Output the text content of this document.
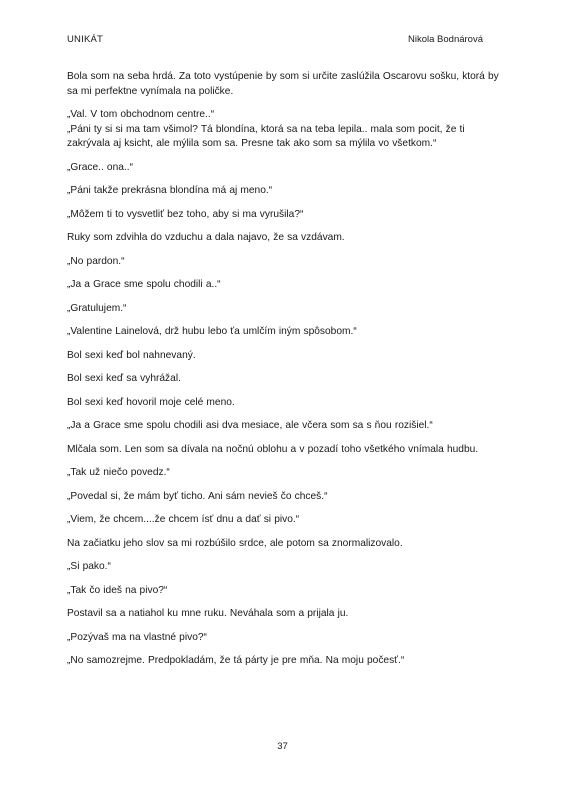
UNIKÁT	Nikola Bodnárová

Bola som na seba hrdá. Za toto vystúpenie by som si určite zaslúžila Oscarovu sošku, ktorá by sa mi perfektne vynímala na poličke.

„Val. V tom obchodnom centre..“

„Páni ty si si ma tam všimol? Tá blondína, ktorá sa na teba lepila.. mala som pocit, že ti zakrývala aj ksicht, ale mýlila som sa. Presne tak ako som sa mýlila vo všetkom.“

„Grace.. ona..“

„Páni takže prekrásna blondína má aj meno.“

„Môžem ti to vysvetliť bez toho, aby si ma vyrušila?“

Ruky som zdvihla do vzduchu a dala najavo, že sa vzdávam.

„No pardon.“

„Ja a Grace sme spolu chodili a..“

„Gratulujem.“

„Valentine Lainelová, drž hubu lebo ťa umlčím iným spôsobom.“

Bol sexi keď bol nahnevaný.

Bol sexi keď sa vyhrážal.

Bol sexi keď hovoril moje celé meno.

„Ja a Grace sme spolu chodili asi dva mesiace, ale včera som sa s ňou rozišiel.“

Mlčala som. Len som sa dívala na nočnú oblohu a v pozadí toho všetkého vnímala hudbu.

„Tak už niečo povedz.“

„Povedal si, že mám byť ticho. Ani sám nevieš čo chceš.“

„Viem, že chcem....že chcem ísť dnu a dať si pivo.“

Na začiatku jeho slov sa mi rozbúšilo srdce, ale potom sa znormalizovalo.

„Si pako.“

„Tak čo ideš na pivo?“

Postavil sa a natiahol ku mne ruku. Neváhala som a prijala ju.

„Pozývaš ma na vlastné pivo?“

„No samozrejme. Predpokladám, že tá párty je pre mňa. Na moju počesť.“

37
